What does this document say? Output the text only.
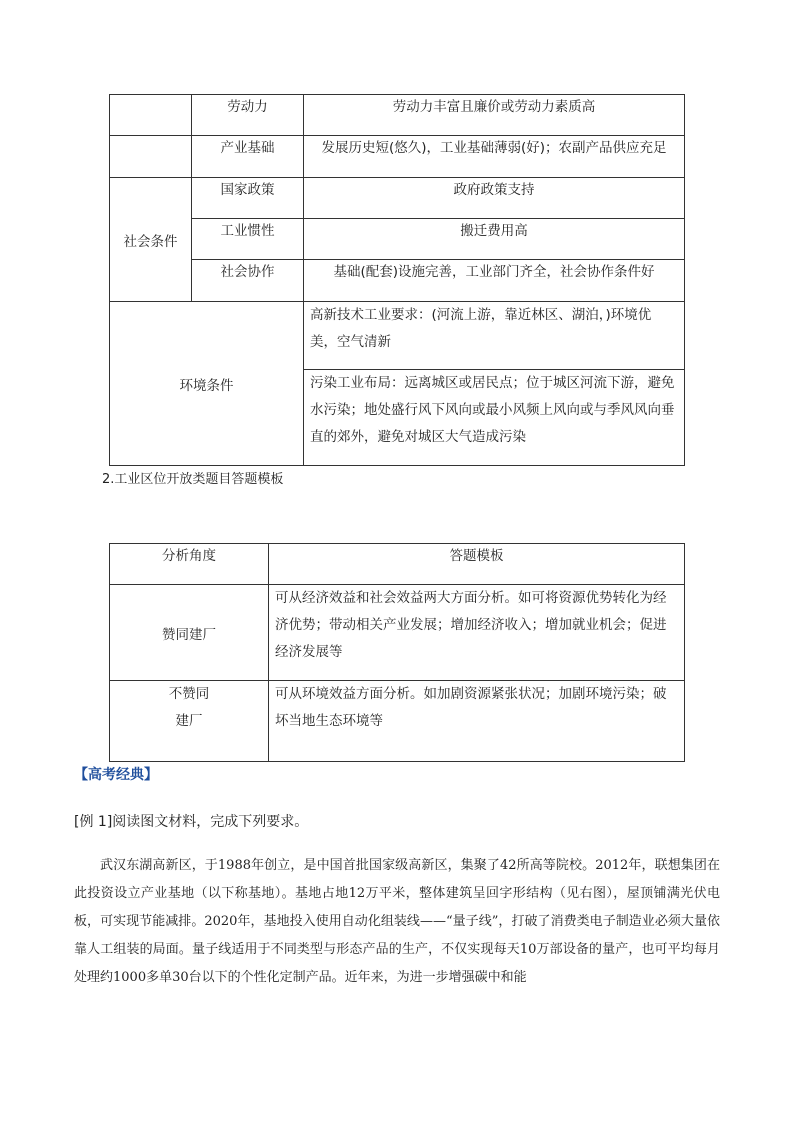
	劳动力	劳动力丰富且廉价或劳动力素质高
	产业基础	发展历史短(悠久)，工业基础薄弱(好)；农副产品供应充足
社会条件	国家政策	政府政策支持
	工业惯性	搬迁费用高
	社会协作	基础(配套)设施完善，工业部门齐全，社会协作条件好
环境条件		高新技术工业要求：(河流上游，靠近林区、湖泊，)环境优美，空气清新
		污染工业布局：远离城区或居民点；位于城区河流下游，避免水污染；地处盛行风下风向或最小风频上风向或与季风风向垂直的郊外，避免对城区大气造成污染
2.工业区位开放类题目答题模板
分析角度	答题模板
赞同建厂	可从经济效益和社会效益两大方面分析。如可将资源优势转化为经济优势；带动相关产业发展；增加经济收入；增加就业机会；促进经济发展等

不赞同
建厂	可从环境效益方面分析。如加剧资源紧张状况；加剧环境污染；破坏当地生态环境等
【高考经典】
[例 1]阅读图文材料，完成下列要求。
武汉东湖高新区，于1988年创立，是中国首批国家级高新区，集聚了42所高等院校。2012年，联想集团在此投资设立产业基地（以下称基地）。基地占地12万平米，整体建筑呈回字形结构（见右图），屋顶铺满光伏电板，可实现节能减排。2020年，基地投入使用自动化组装线——“量子线”，打破了消费类电子制造业必须大量依靠人工组装的局面。量子线适用于不同类型与形态产品的生产，不仅实现每天10万部设备的量产，也可平均每月处理约1000多单30台以下的个性化定制产品。近年来，为进一步增强碳中和能
